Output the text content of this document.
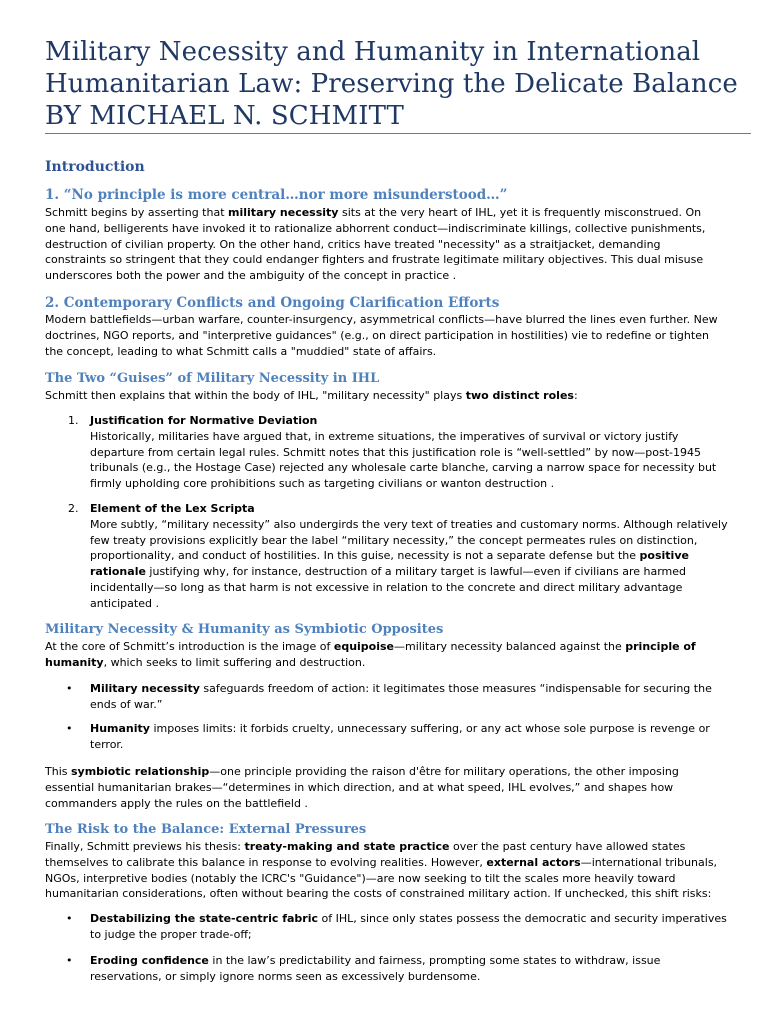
Military Necessity and Humanity in International Humanitarian Law: Preserving the Delicate Balance BY MICHAEL N. SCHMITT
Introduction
1. “No principle is more central…nor more misunderstood…”

Schmitt begins by asserting that military necessity sits at the very heart of IHL, yet it is frequently misconstrued. On one hand, belligerents have invoked it to rationalize abhorrent conduct—indiscriminate killings, collective punishments, destruction of civilian property. On the other hand, critics have treated "necessity" as a straitjacket, demanding constraints so stringent that they could endanger fighters and frustrate legitimate military objectives. This dual misuse underscores both the power and the ambiguity of the concept in practice .

2. Contemporary Conflicts and Ongoing Clarification Efforts

Modern battlefields—urban warfare, counter-insurgency, asymmetrical conflicts—have blurred the lines even further. New doctrines, NGO reports, and "interpretive guidances" (e.g., on direct participation in hostilities) vie to redefine or tighten the concept, leading to what Schmitt calls a "muddied" state of affairs.

The Two “Guises” of Military Necessity in IHL

Schmitt then explains that within the body of IHL, "military necessity" plays two distinct roles:

1.	Justification for Normative Deviation
Historically, militaries have argued that, in extreme situations, the imperatives of survival or victory justify departure from certain legal rules. Schmitt notes that this justification role is “well-settled” by now—post-1945 tribunals (e.g., the Hostage Case) rejected any wholesale carte blanche, carving a narrow space for necessity but firmly upholding core prohibitions such as targeting civilians or wanton destruction .
2.	Element of the Lex Scripta
More subtly, “military necessity” also undergirds the very text of treaties and customary norms. Although relatively few treaty provisions explicitly bear the label “military necessity,” the concept permeates rules on distinction, proportionality, and conduct of hostilities. In this guise, necessity is not a separate defense but the positive rationale justifying why, for instance, destruction of a military target is lawful—even if civilians are harmed incidentally—so long as that harm is not excessive in relation to the concrete and direct military advantage anticipated .
Military Necessity & Humanity as Symbiotic Opposites

At the core of Schmitt’s introduction is the image of equipoise—military necessity balanced against the principle of humanity, which seeks to limit suffering and destruction.

• Military necessity safeguards freedom of action: it legitimates those measures “indispensable for securing the ends of war.”

• Humanity imposes limits: it forbids cruelty, unnecessary suffering, or any act whose sole purpose is revenge or terror.

This symbiotic relationship—one principle providing the raison d'être for military operations, the other imposing essential humanitarian brakes—“determines in which direction, and at what speed, IHL evolves,” and shapes how commanders apply the rules on the battlefield .

The Risk to the Balance: External Pressures

Finally, Schmitt previews his thesis: treaty-making and state practice over the past century have allowed states themselves to calibrate this balance in response to evolving realities. However, external actors—international tribunals, NGOs, interpretive bodies (notably the ICRC's "Guidance")—are now seeking to tilt the scales more heavily toward humanitarian considerations, often without bearing the costs of constrained military action. If unchecked, this shift risks:

• Destabilizing the state-centric fabric of IHL, since only states possess the democratic and security imperatives to judge the proper trade-off;

• Eroding confidence in the law’s predictability and fairness, prompting some states to withdraw, issue reservations, or simply ignore norms seen as excessively burdensome.
